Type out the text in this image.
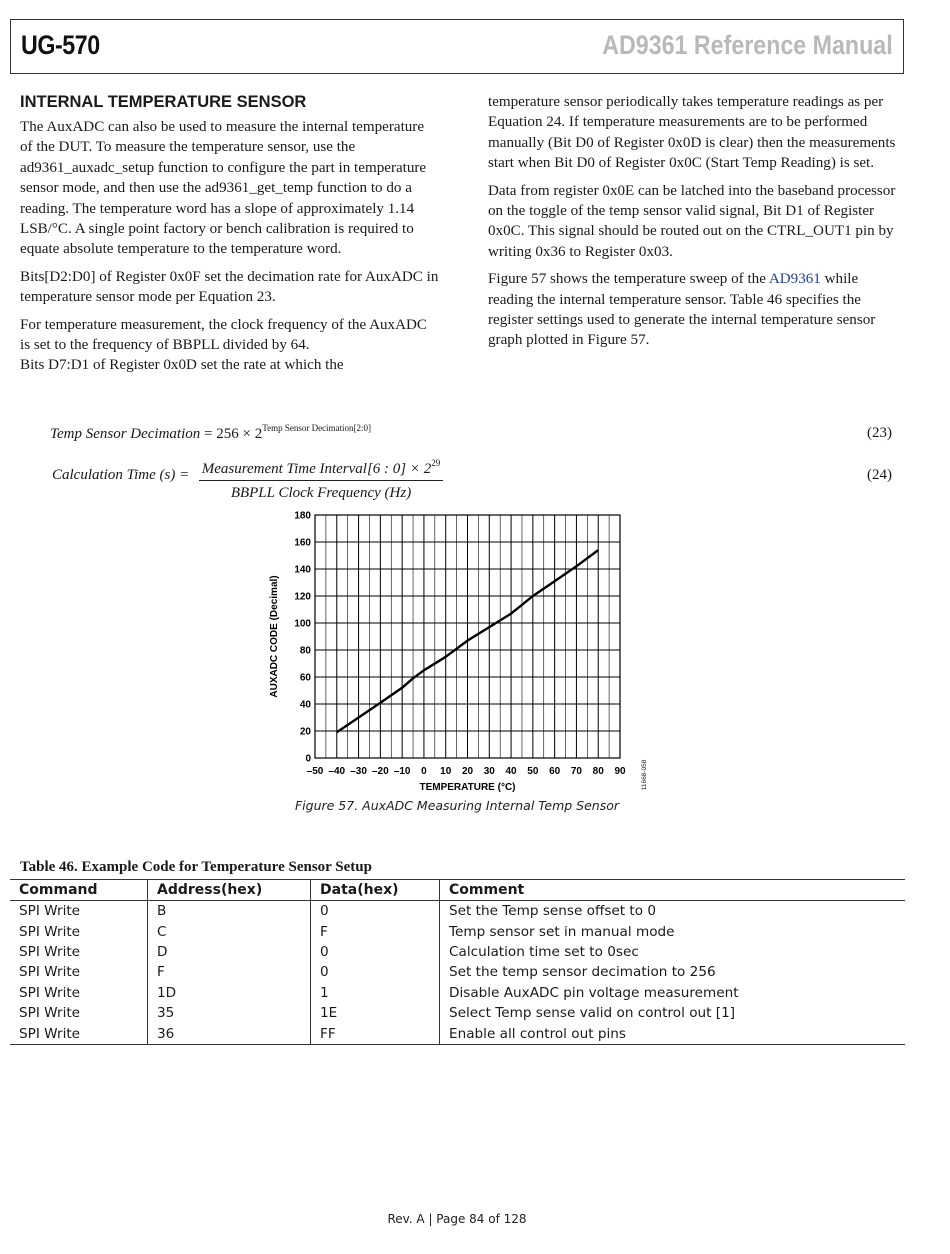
UG-570	AD9361 Reference Manual
INTERNAL TEMPERATURE SENSOR

The AuxADC can also be used to measure the internal temperature of the DUT. To measure the temperature sensor, use the ad9361_auxadc_setup function to configure the part in temperature sensor mode, and then use the ad9361_get_temp function to do a reading. The temperature word has a slope of approximately 1.14 LSB/°C. A single point factory or bench calibration is required to equate absolute temperature to the temperature word.

Bits[D2:D0] of Register 0x0F set the decimation rate for AuxADC in temperature sensor mode per Equation 23.

For temperature measurement, the clock frequency of the AuxADC is set to the frequency of BBPLL divided by 64.

Bits D7:D1 of Register 0x0D set the rate at which the

temperature sensor periodically takes temperature readings as per Equation 24. If temperature measurements are to be performed manually (Bit D0 of Register 0x0D is clear) then the measurements start when Bit D0 of Register 0x0C (Start Temp Reading) is set.

Data from register 0x0E can be latched into the baseband processor on the toggle of the temp sensor valid signal, Bit D1 of Register 0x0C. This signal should be routed out on the CTRL_OUT1 pin by writing 0x36 to Register 0x03.

Figure 57 shows the temperature sweep of the AD9361 while reading the internal temperature sensor. Table 46 specifies the register settings used to generate the internal temperature sensor graph plotted in Figure 57.

Temp Sensor Decimation = $256 \times 2^{Temp Sensor Decimation[2:0]}$	(23)
Calculation Time (s) = Measurement Time Interval[6 : $0] \times 2^{29}$
BBPLL Clock Frequency (Hz)
(24)
0
20
40
60
80
100
120
140
160
180
–50 –40 –30 –20 –10 0 10 20 30 40 50 60 70 80 90
TEMPERATURE (°C)
AUXADC CODE (Decimal)
11668-058
Figure 57. AuxADC Measuring Internal Temp Sensor
Table 46. Example Code for Temperature Sensor Setup
Command	Address(hex)	Data(hex)	Comment
SPI Write	B	0	Set the Temp sense offset to 0
SPI Write	C	F	Temp sensor set in manual mode
SPI Write	D	0	Calculation time set to 0sec
SPI Write	F	0	Set the temp sensor decimation to 256
SPI Write	1D	1	Disable AuxADC pin voltage measurement
SPI Write	35	1E	Select Temp sense valid on control out [1]
SPI Write	36	FF	Enable all control out pins
Rev. A | Page 84 of 128
